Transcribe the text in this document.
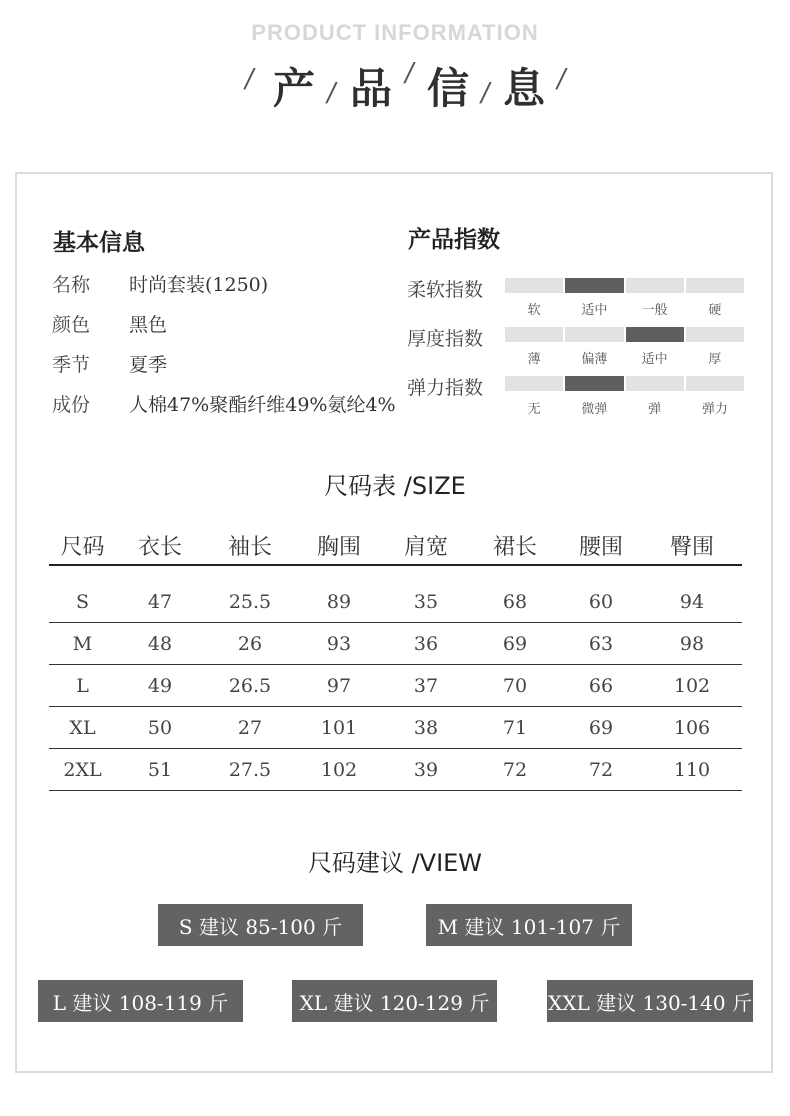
PRODUCT INFORMATION
/ 产 / 品 / 信 / 息 /
基本信息
名称 时尚套装(1250)
颜色 黑色
季节 夏季
成份 人棉47%聚酯纤维49%氨纶4%
产品指数
柔软指数
软	适中	一般	硬
厚度指数
薄	偏薄	适中	厚
弹力指数
无	微弹	弹	弹力
尺码表 /SIZE
尺码	衣长	袖长	胸围	肩宽	裙长	腰围	臀围
S	47	25.5	89	35	68	60	94
M	48	26	93	36	69	63	98
L	49	26.5	97	37	70	66	102
XL	50	27	101	38	71	69	106
2XL	51	27.5	102	39	72	72	110
尺码建议 /VIEW
S 建议 85-100 斤	M 建议 101-107 斤
L 建议 108-119 斤	XL 建议 120-129 斤	XXL 建议 130-140 斤
